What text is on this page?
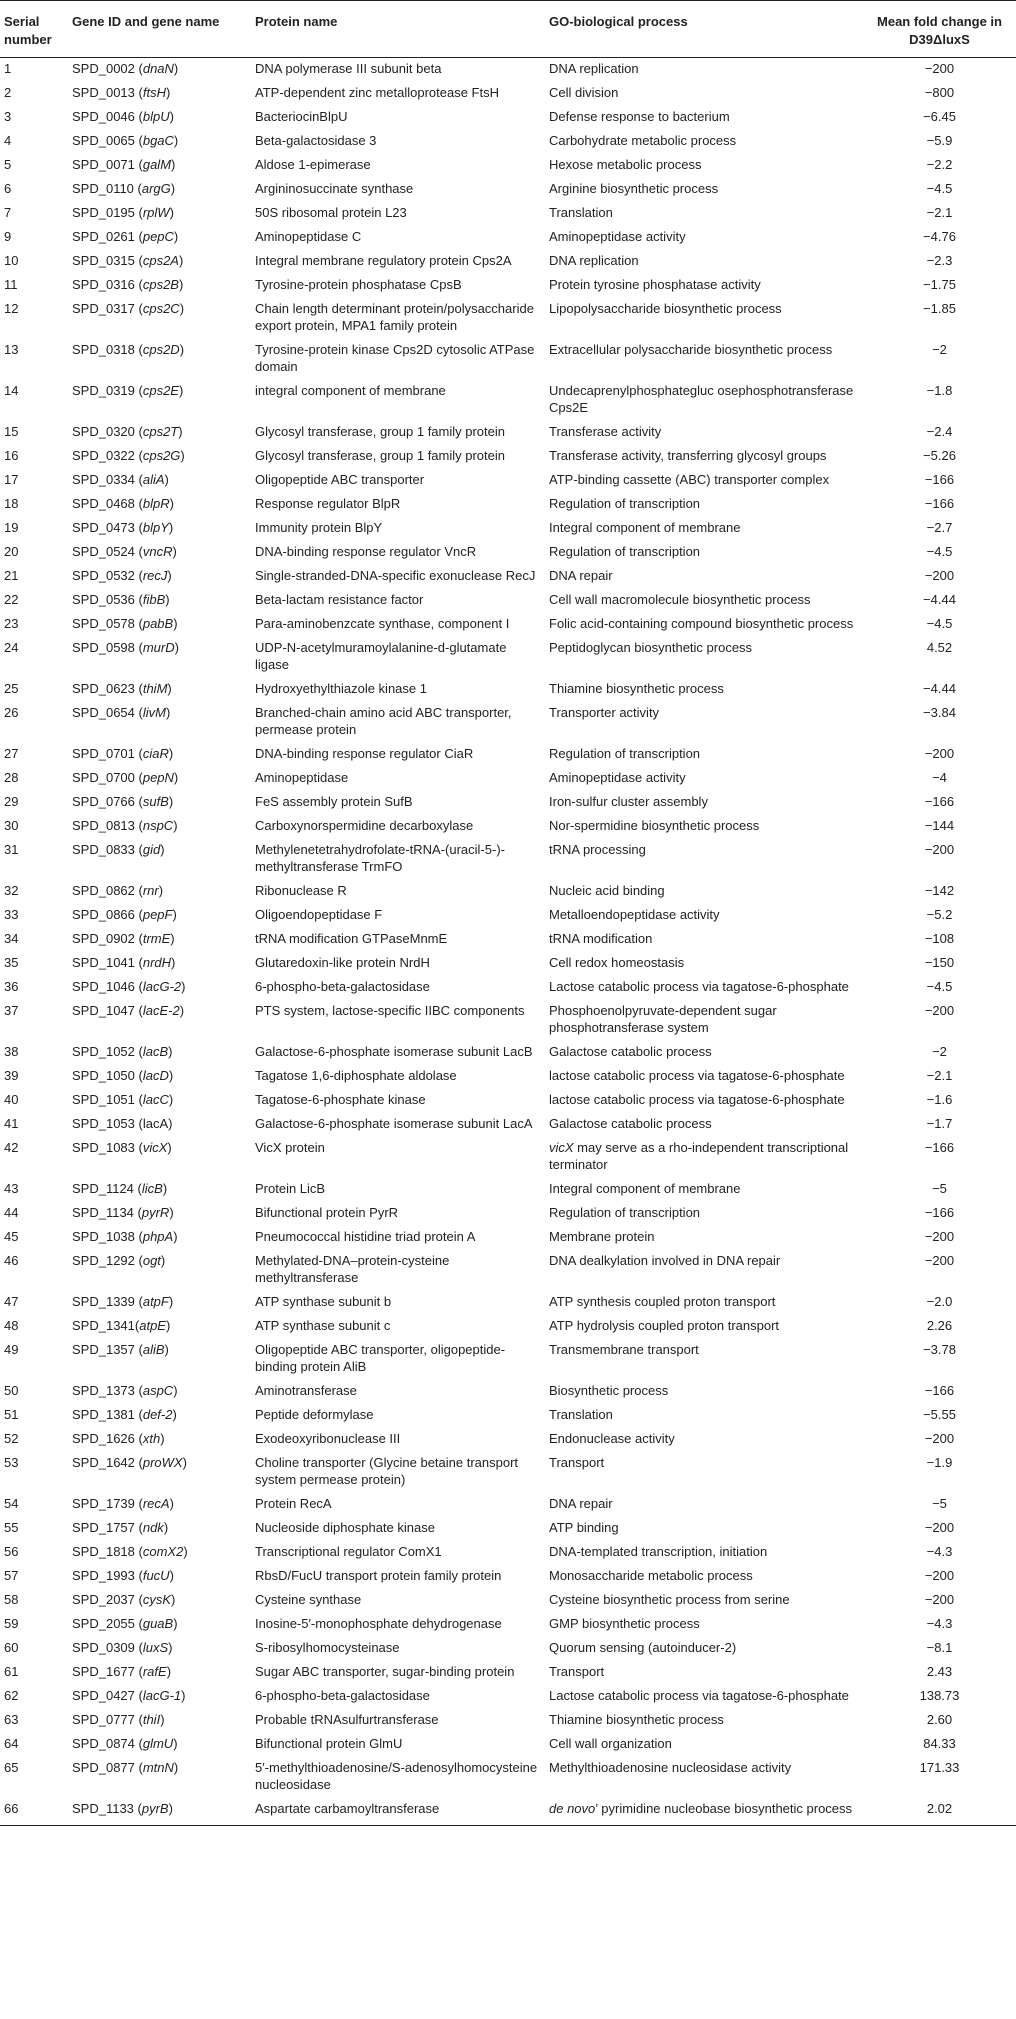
Serial number	Gene ID and gene name	Protein name	GO-biological process	Mean fold change in D39ΔluxS
1	SPD_0002 (dnaN)	DNA polymerase III subunit beta	DNA replication	−200
2	SPD_0013 (ftsH)	ATP-dependent zinc metalloprotease FtsH	Cell division	−800
3	SPD_0046 (blpU)	BacteriocinBlpU	Defense response to bacterium	−6.45
4	SPD_0065 (bgaC)	Beta-galactosidase 3	Carbohydrate metabolic process	−5.9
5	SPD_0071 (galM)	Aldose 1-epimerase	Hexose metabolic process	−2.2
6	SPD_0110 (argG)	Argininosuccinate synthase	Arginine biosynthetic process	−4.5
7	SPD_0195 (rplW)	50S ribosomal protein L23	Translation	−2.1
9	SPD_0261 (pepC)	Aminopeptidase C	Aminopeptidase activity	−4.76
10	SPD_0315 (cps2A)	Integral membrane regulatory protein Cps2A	DNA replication	−2.3
11	SPD_0316 (cps2B)	Tyrosine-protein phosphatase CpsB	Protein tyrosine phosphatase activity	−1.75
12	SPD_0317 (cps2C)	Chain length determinant protein/polysaccharide export protein, MPA1 family protein	Lipopolysaccharide biosynthetic process	−1.85
13	SPD_0318 (cps2D)	Tyrosine-protein kinase Cps2D cytosolic ATPase domain	Extracellular polysaccharide biosynthetic process	−2
14	SPD_0319 (cps2E)	integral component of membrane	Undecaprenylphosphategluc osephosphotransferase Cps2E	−1.8
15	SPD_0320 (cps2T)	Glycosyl transferase, group 1 family protein	Transferase activity	−2.4
16	SPD_0322 (cps2G)	Glycosyl transferase, group 1 family protein	Transferase activity, transferring glycosyl groups	−5.26
17	SPD_0334 (aliA)	Oligopeptide ABC transporter	ATP-binding cassette (ABC) transporter complex	−166
18	SPD_0468 (blpR)	Response regulator BlpR	Regulation of transcription	−166
19	SPD_0473 (blpY)	Immunity protein BlpY	Integral component of membrane	−2.7
20	SPD_0524 (vncR)	DNA-binding response regulator VncR	Regulation of transcription	−4.5
21	SPD_0532 (recJ)	Single-stranded-DNA-specific exonuclease RecJ	DNA repair	−200
22	SPD_0536 (fibB)	Beta-lactam resistance factor	Cell wall macromolecule biosynthetic process	−4.44
23	SPD_0578 (pabB)	Para-aminobenzcate synthase, component I	Folic acid-containing compound biosynthetic process	−4.5
24	SPD_0598 (murD)	UDP-N-acetylmuramoylalanine-d-glutamate ligase	Peptidoglycan biosynthetic process	4.52
25	SPD_0623 (thiM)	Hydroxyethylthiazole kinase 1	Thiamine biosynthetic process	−4.44
26	SPD_0654 (livM)	Branched-chain amino acid ABC transporter, permease protein	Transporter activity	−3.84
27	SPD_0701 (ciaR)	DNA-binding response regulator CiaR	Regulation of transcription	−200
28	SPD_0700 (pepN)	Aminopeptidase	Aminopeptidase activity	−4
29	SPD_0766 (sufB)	FeS assembly protein SufB	Iron-sulfur cluster assembly	−166
30	SPD_0813 (nspC)	Carboxynorspermidine decarboxylase	Nor-spermidine biosynthetic process	−144
31	SPD_0833 (gid)	Methylenetetrahydrofolate-tRNA-(uracil-5-)-methyltransferase TrmFO	tRNA processing	−200
32	SPD_0862 (rnr)	Ribonuclease R	Nucleic acid binding	−142
33	SPD_0866 (pepF)	Oligoendopeptidase F	Metalloendopeptidase activity	−5.2
34	SPD_0902 (trmE)	tRNA modification GTPaseMnmE	tRNA modification	−108
35	SPD_1041 (nrdH)	Glutaredoxin-like protein NrdH	Cell redox homeostasis	−150
36	SPD_1046 (lacG-2)	6-phospho-beta-galactosidase	Lactose catabolic process via tagatose-6-phosphate	−4.5
37	SPD_1047 (lacE-2)	PTS system, lactose-specific IIBC components	Phosphoenolpyruvate-dependent sugar phosphotransferase system	−200
38	SPD_1052 (lacB)	Galactose-6-phosphate isomerase subunit LacB	Galactose catabolic process	−2
39	SPD_1050 (lacD)	Tagatose 1,6-diphosphate aldolase	lactose catabolic process via tagatose-6-phosphate	−2.1
40	SPD_1051 (lacC)	Tagatose-6-phosphate kinase	lactose catabolic process via tagatose-6-phosphate	−1.6
41	SPD_1053 (lacA)	Galactose-6-phosphate isomerase subunit LacA	Galactose catabolic process	−1.7
42	SPD_1083 (vicX)	VicX protein	vicX may serve as a rho-independent transcriptional terminator	−166
43	SPD_1124 (licB)	Protein LicB	Integral component of membrane	−5
44	SPD_1134 (pyrR)	Bifunctional protein PyrR	Regulation of transcription	−166
45	SPD_1038 (phpA)	Pneumococcal histidine triad protein A	Membrane protein	−200
46	SPD_1292 (ogt)	Methylated-DNA–protein-cysteine methyltransferase	DNA dealkylation involved in DNA repair	−200
47	SPD_1339 (atpF)	ATP synthase subunit b	ATP synthesis coupled proton transport	−2.0
48	SPD_1341(atpE)	ATP synthase subunit c	ATP hydrolysis coupled proton transport	2.26
49	SPD_1357 (aliB)	Oligopeptide ABC transporter, oligopeptide-binding protein AliB	Transmembrane transport	−3.78
50	SPD_1373 (aspC)	Aminotransferase	Biosynthetic process	−166
51	SPD_1381 (def-2)	Peptide deformylase	Translation	−5.55
52	SPD_1626 (xth)	Exodeoxyribonuclease III	Endonuclease activity	−200
53	SPD_1642 (proWX)	Choline transporter (Glycine betaine transport system permease protein)	Transport	−1.9
54	SPD_1739 (recA)	Protein RecA	DNA repair	−5
55	SPD_1757 (ndk)	Nucleoside diphosphate kinase	ATP binding	−200
56	SPD_1818 (comX2)	Transcriptional regulator ComX1	DNA-templated transcription, initiation	−4.3
57	SPD_1993 (fucU)	RbsD/FucU transport protein family protein	Monosaccharide metabolic process	−200
58	SPD_2037 (cysK)	Cysteine synthase	Cysteine biosynthetic process from serine	−200
59	SPD_2055 (guaB)	Inosine-5′-monophosphate dehydrogenase	GMP biosynthetic process	−4.3
60	SPD_0309 (luxS)	S-ribosylhomocysteinase	Quorum sensing (autoinducer-2)	−8.1
61	SPD_1677 (rafE)	Sugar ABC transporter, sugar-binding protein	Transport	2.43
62	SPD_0427 (lacG-1)	6-phospho-beta-galactosidase	Lactose catabolic process via tagatose-6-phosphate	138.73
63	SPD_0777 (thiI)	Probable tRNAsulfurtransferase	Thiamine biosynthetic process	2.60
64	SPD_0874 (glmU)	Bifunctional protein GlmU	Cell wall organization	84.33
65	SPD_0877 (mtnN)	5′-methylthioadenosine/S-adenosylhomocysteine nucleosidase	Methylthioadenosine nucleosidase activity	171.33
66	SPD_1133 (pyrB)	Aspartate carbamoyltransferase	de novo’ pyrimidine nucleobase biosynthetic process	2.02
